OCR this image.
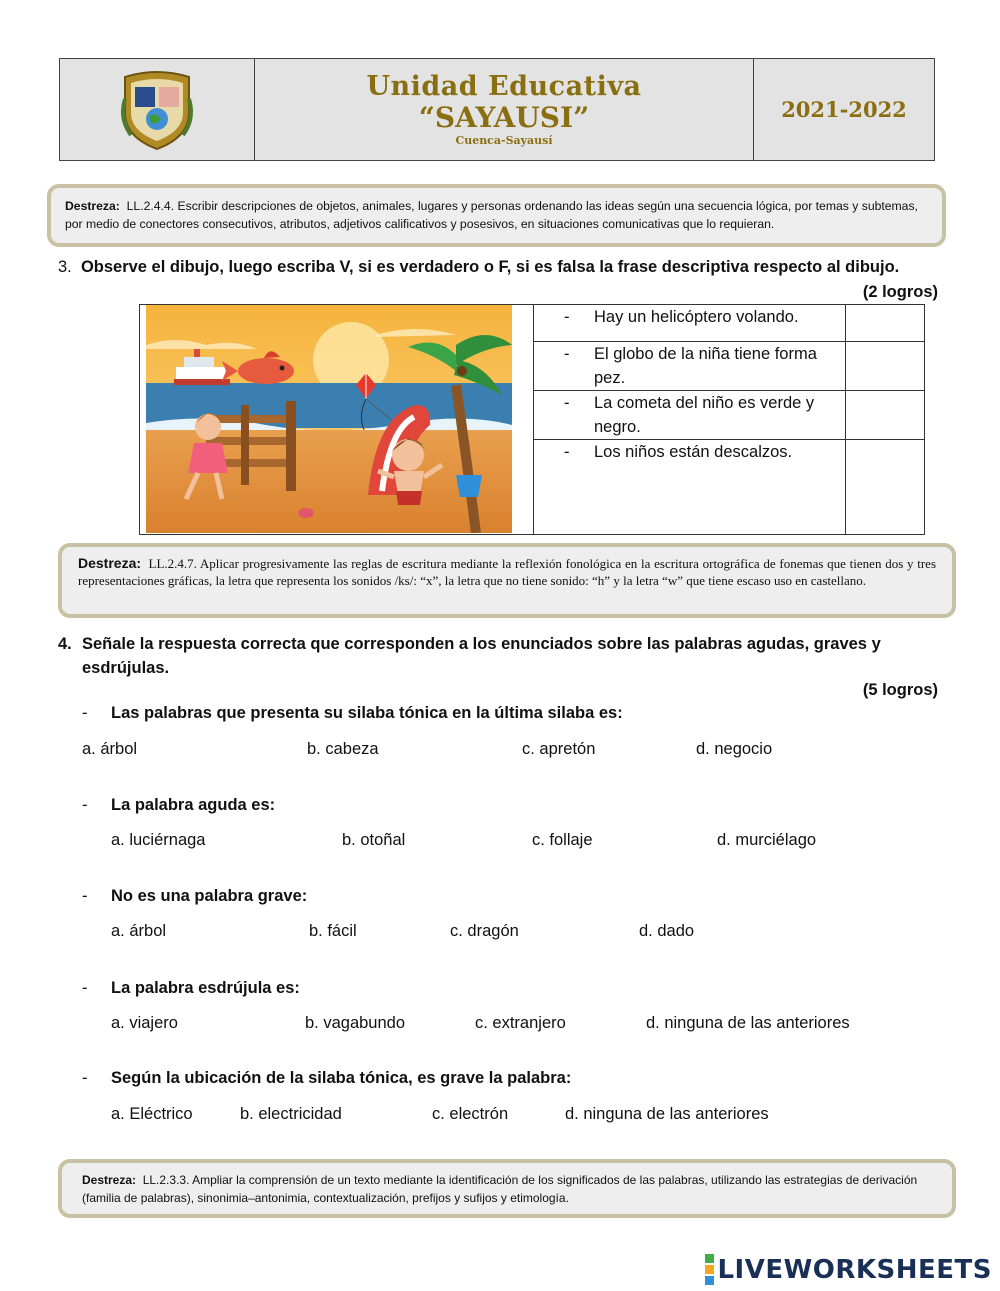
Unidad Educativa
“SAYAUSI”
Cuenca-Sayausí
2021-2022
Destreza: LL.2.4.4. Escribir descripciones de objetos, animales, lugares y personas ordenando las ideas según una secuencia lógica, por temas y subtemas, por medio de conectores consecutivos, atributos, adjetivos calificativos y posesivos, en situaciones comunicativas que lo requieran.
3. Observe el dibujo, luego escriba V, si es verdadero o F, si es falsa la frase descriptiva respecto al dibujo.
(2 logros)
- Hay un helicóptero volando.	

- El globo de la niña tiene forma pez.	

- La cometa del niño es verde y negro.	

- Los niños están descalzos.	

Destreza: LL.2.4.7. Aplicar progresivamente las reglas de escritura mediante la reflexión fonológica en la escritura ortográfica de fonemas que tienen dos y tres representaciones gráficas, la letra que representa los sonidos /ks/: “x”, la letra que no tiene sonido: “h” y la letra “w” que tiene escaso uso en castellano.
4. Señale la respuesta correcta que corresponden a los enunciados sobre las palabras agudas, graves y esdrújulas.
(5 logros)
- Las palabras que presenta su silaba tónica en la última silaba es:
a. árbol	b. cabeza	c. apretón	d. negocio
- La palabra aguda es:
a. luciérnaga	b. otoñal	c. follaje	d. murciélago
- No es una palabra grave:
a. árbol	b. fácil	c. dragón	d. dado
- La palabra esdrújula es:
a. viajero	b. vagabundo	c. extranjero	d. ninguna de las anteriores
- Según la ubicación de la silaba tónica, es grave la palabra:
a. Eléctrico	b. electricidad	c. electrón	d. ninguna de las anteriores
Destreza: LL.2.3.3. Ampliar la comprensión de un texto mediante la identificación de los significados de las palabras, utilizando las estrategias de derivación (familia de palabras), sinonimia–antonimia, contextualización, prefijos y sufijos y etimología.
LIVEWORKSHEETS
